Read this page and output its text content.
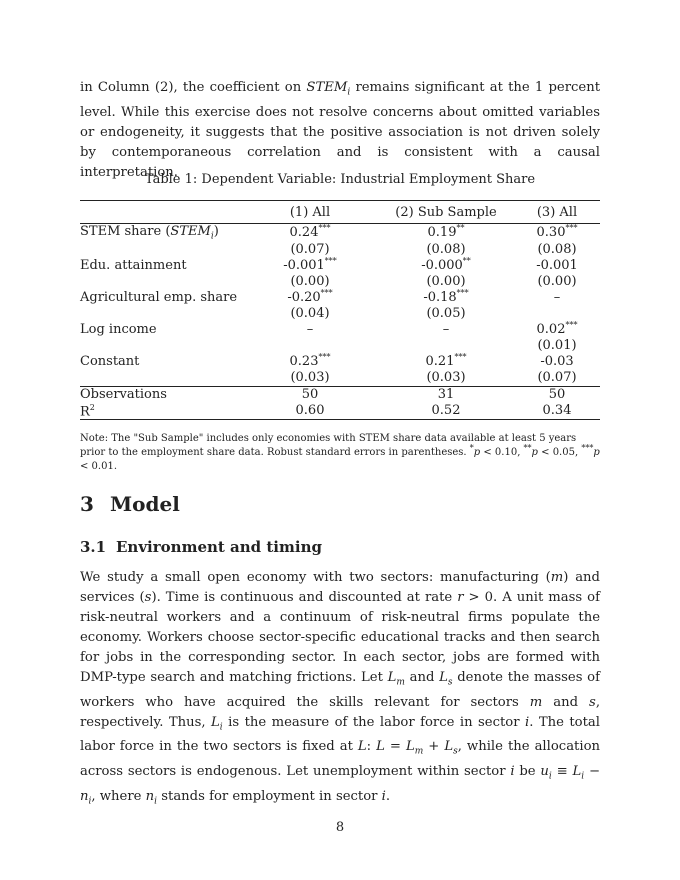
in Column (2), the coefficient on $STEM_i$ remains significant at the 1 percent level. While this exercise does not resolve concerns about omitted variables or endogeneity, it suggests that the positive association is not driven solely by contemporaneous correlation and is consistent with a causal interpretation.

Table 1: Dependent Variable: Industrial Employment Share
	(1) All	(2) Sub Sample	(3) All
STEM share $(STEM_i)$	0.24***	0.19**	0.30***
	(0.07)	(0.08)	(0.08)
Edu. attainment	-0.001***	-0.000**	-0.001
	(0.00)	(0.00)	(0.00)
Agricultural emp. share	-0.20***	-0.18***	–
	(0.04)	(0.05)	
Log income	–	–	0.02***
			(0.01)
Constant	0.23***	0.21***	-0.03
	(0.03)	(0.03)	(0.07)
Observations	50	31	50
$R^2$	0.60	0.52	0.34

Note: The "Sub Sample" includes only economies with STEM share data available at least 5 years prior to the employment share data. Robust standard errors in parentheses. *p < 0.10, **p < 0.05, ***p < 0.01.

3 Model
3.1 Environment and timing

We study a small open economy with two sectors: manufacturing (m) and services (s). Time is continuous and discounted at rate r > 0. A unit mass of risk-neutral workers and a continuum of risk-neutral firms populate the economy. Workers choose sector-specific educational tracks and then search for jobs in the corresponding sector. In each sector, jobs are formed with DMP-type search and matching frictions. Let $L_m$ and $L_s$ denote the masses of workers who have acquired the skills relevant for sectors m and s, respectively. Thus, $L_i$ is the measure of the labor force in sector i. The total labor force in the two sectors is fixed at L: $L = L_m + L_s$, while the allocation across sectors is endogenous. Let unemployment within sector i be $u_i \equiv L_i - n_i$, where $n_i$ stands for employment in sector i.

8
